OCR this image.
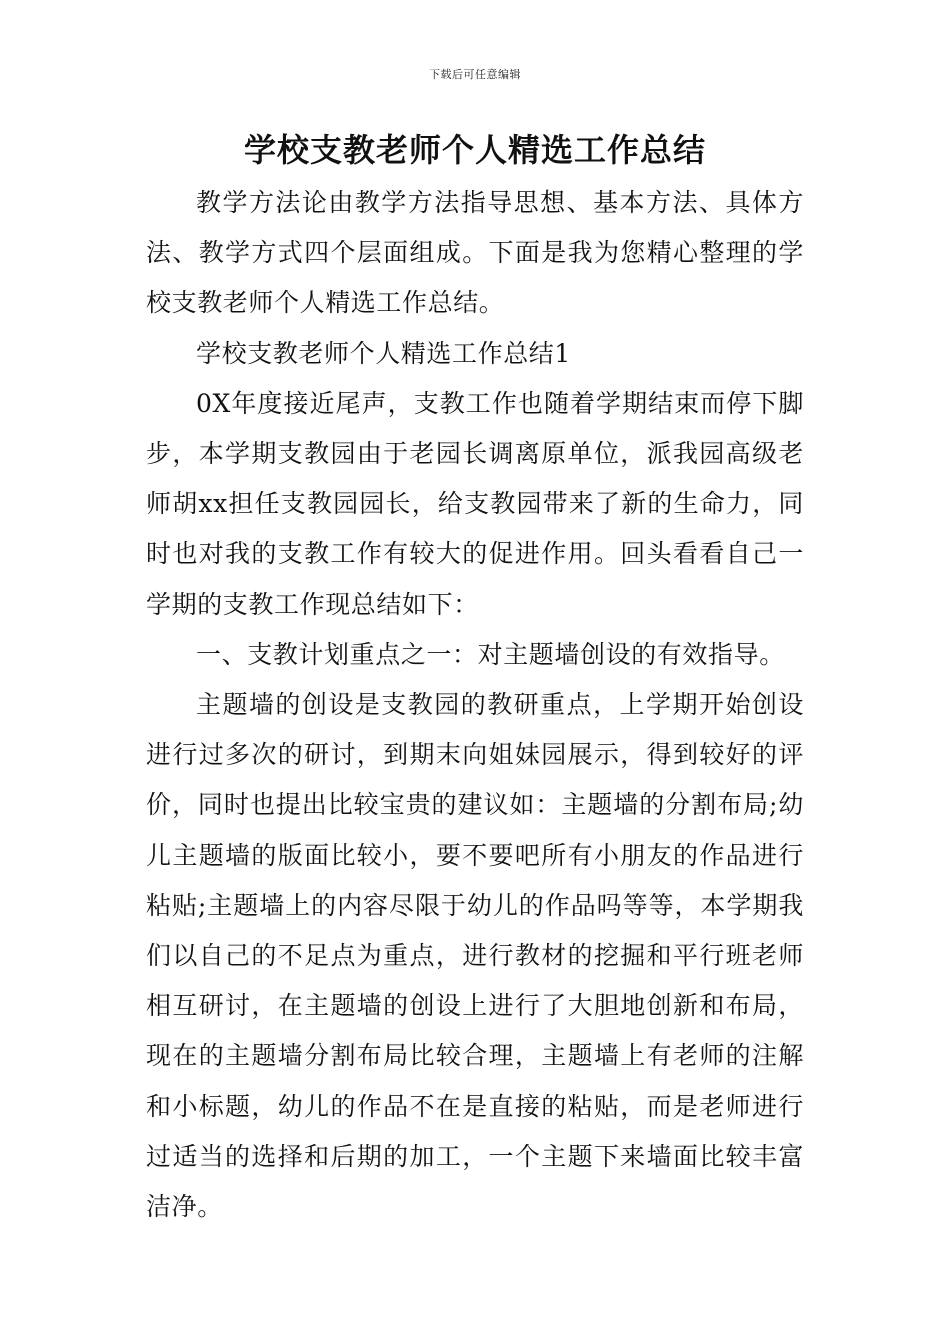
下载后可任意编辑
学校支教老师个人精选工作总结

教学方法论由教学方法指导思想、基本方法、具体方法、教学方式四个层面组成。下面是我为您精心整理的学校支教老师个人精选工作总结。

学校支教老师个人精选工作总结1

0X年度接近尾声，支教工作也随着学期结束而停下脚步，本学期支教园由于老园长调离原单位，派我园高级老师胡xx担任支教园园长，给支教园带来了新的生命力，同时也对我的支教工作有较大的促进作用。回头看看自己一学期的支教工作现总结如下：

一、支教计划重点之一：对主题墙创设的有效指导。

主题墙的创设是支教园的教研重点，上学期开始创设进行过多次的研讨，到期末向姐妹园展示，得到较好的评价，同时也提出比较宝贵的建议如：主题墙的分割布局;幼儿主题墙的版面比较小，要不要吧所有小朋友的作品进行粘贴;主题墙上的内容尽限于幼儿的作品吗等等，本学期我们以自己的不足点为重点，进行教材的挖掘和平行班老师相互研讨，在主题墙的创设上进行了大胆地创新和布局，现在的主题墙分割布局比较合理，主题墙上有老师的注解和小标题，幼儿的作品不在是直接的粘贴，而是老师进行过适当的选择和后期的加工，一个主题下来墙面比较丰富洁净。
